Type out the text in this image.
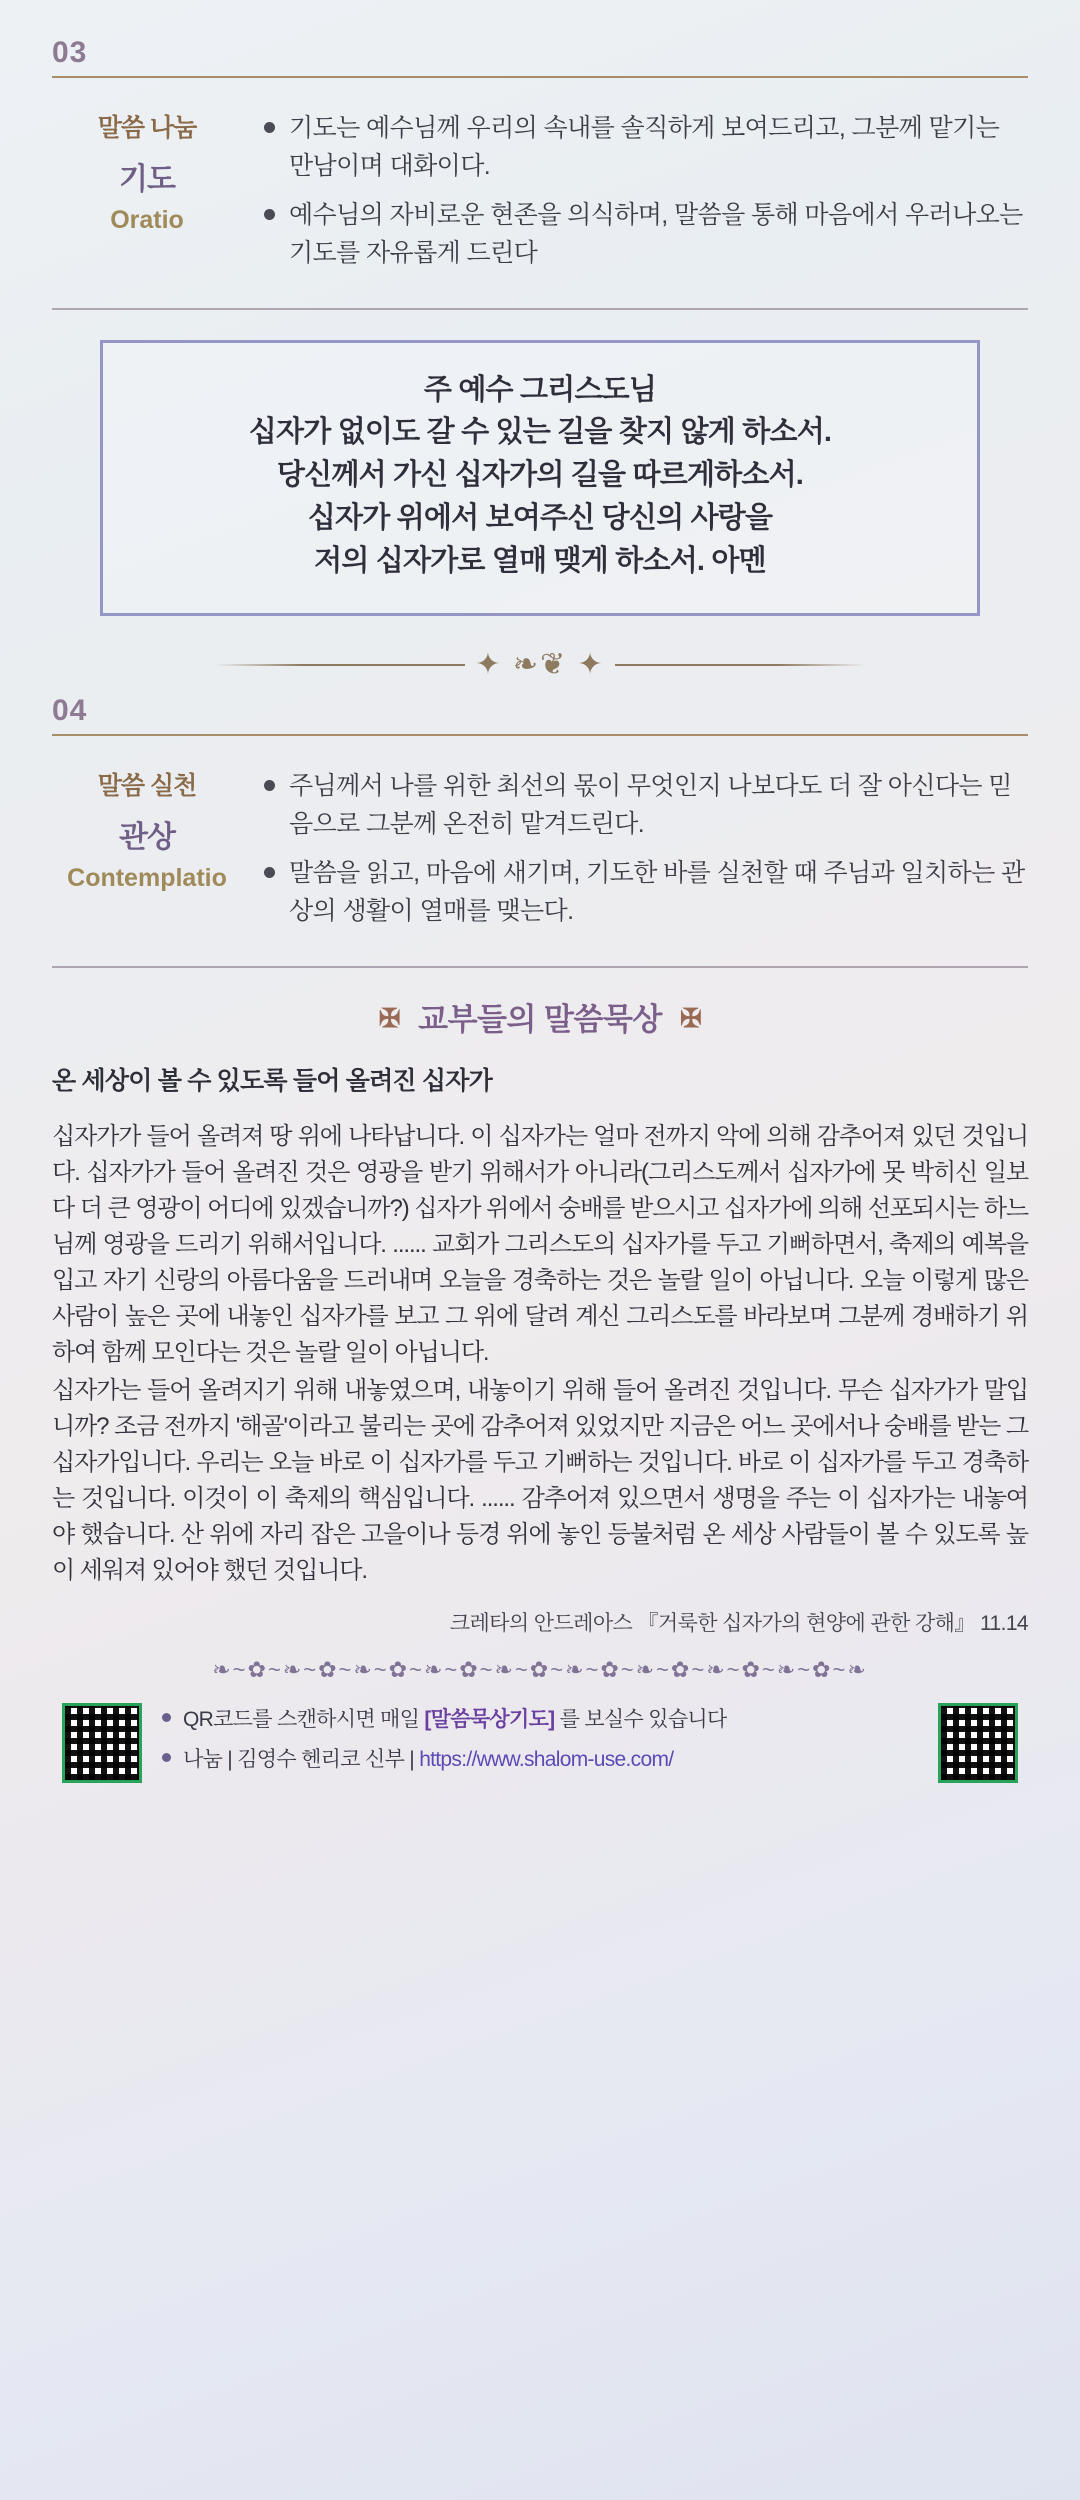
03
말씀 나눔
기도
Oratio
기도는 예수님께 우리의 속내를 솔직하게 보여드리고, 그분께 맡기는 만남이며 대화이다.
예수님의 자비로운 현존을 의식하며, 말씀을 통해 마음에서 우러나오는 기도를 자유롭게 드린다
주 예수 그리스도님
십자가 없이도 갈 수 있는 길을 찾지 않게 하소서.
당신께서 가신 십자가의 길을 따르게하소서.
십자가 위에서 보여주신 당신의 사랑을
저의 십자가로 열매 맺게 하소서. 아멘
✦ ❧❦ ✦
04
말씀 실천
관상
Contemplatio
주님께서 나를 위한 최선의 몫이 무엇인지 나보다도 더 잘 아신다는 믿음으로 그분께 온전히 맡겨드린다.
말씀을 읽고, 마음에 새기며, 기도한 바를 실천할 때 주님과 일치하는 관상의 생활이 열매를 맺는다.
✠ 교부들의 말씀묵상 ✠
온 세상이 볼 수 있도록 들어 올려진 십자가
십자가가 들어 올려져 땅 위에 나타납니다. 이 십자가는 얼마 전까지 악에 의해 감추어져 있던 것입니다. 십자가가 들어 올려진 것은 영광을 받기 위해서가 아니라(그리스도께서 십자가에 못 박히신 일보다 더 큰 영광이 어디에 있겠습니까?) 십자가 위에서 숭배를 받으시고 십자가에 의해 선포되시는 하느님께 영광을 드리기 위해서입니다. ...... 교회가 그리스도의 십자가를 두고 기뻐하면서, 축제의 예복을 입고 자기 신랑의 아름다움을 드러내며 오늘을 경축하는 것은 놀랄 일이 아닙니다. 오늘 이렇게 많은 사람이 높은 곳에 내놓인 십자가를 보고 그 위에 달려 계신 그리스도를 바라보며 그분께 경배하기 위하여 함께 모인다는 것은 놀랄 일이 아닙니다.
십자가는 들어 올려지기 위해 내놓였으며, 내놓이기 위해 들어 올려진 것입니다. 무슨 십자가가 말입니까? 조금 전까지 '해골'이라고 불리는 곳에 감추어져 있었지만 지금은 어느 곳에서나 숭배를 받는 그 십자가입니다. 우리는 오늘 바로 이 십자가를 두고 기뻐하는 것입니다. 바로 이 십자가를 두고 경축하는 것입니다. 이것이 이 축제의 핵심입니다. ...... 감추어져 있으면서 생명을 주는 이 십자가는 내놓여야 했습니다. 산 위에 자리 잡은 고을이나 등경 위에 놓인 등불처럼 온 세상 사람들이 볼 수 있도록 높이 세워져 있어야 했던 것입니다.
크레타의 안드레아스 『거룩한 십자가의 현양에 관한 강해』 11.14
❧~✿~❧~✿~❧~✿~❧~✿~❧~✿~❧~✿~❧~✿~❧~✿~❧~✿~❧
QR코드를 스캔하시면 매일 [말씀묵상기도] 를 보실수 있습니다
나눔 | 김영수 헨리코 신부 | https://www.shalom-use.com/
